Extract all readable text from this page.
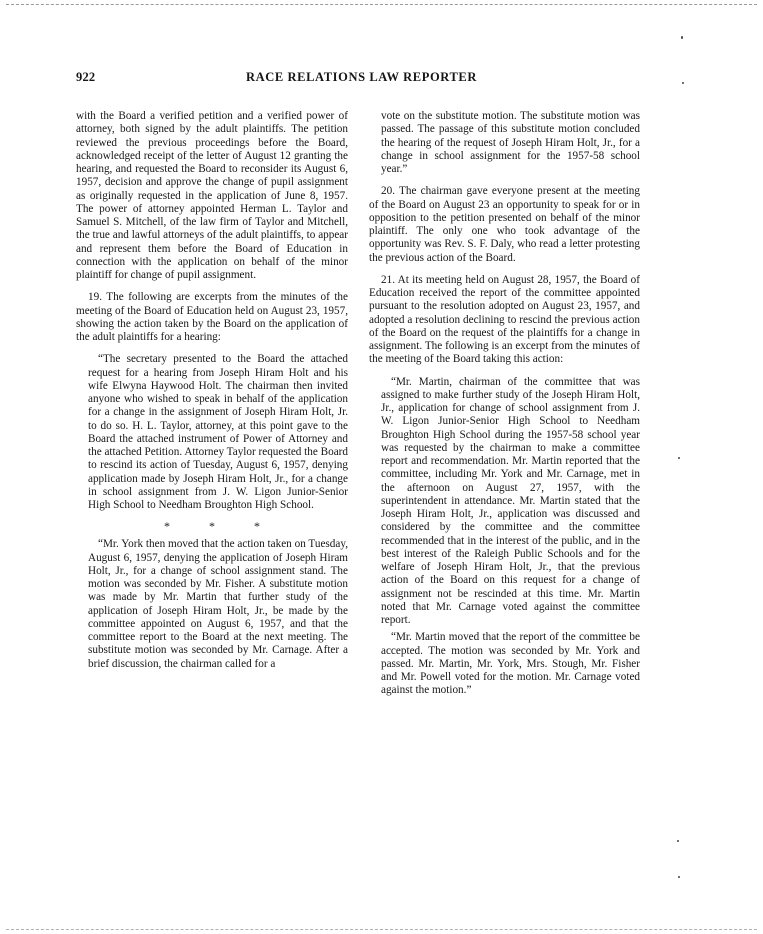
922	RACE RELATIONS LAW REPORTER

with the Board a verified petition and a verified power of attorney, both signed by the adult plaintiffs. The petition reviewed the previous proceedings before the Board, acknowledged receipt of the letter of August 12 granting the hearing, and requested the Board to reconsider its August 6, 1957, decision and approve the change of pupil assignment as originally requested in the application of June 8, 1957. The power of attorney appointed Herman L. Taylor and Samuel S. Mitchell, of the law firm of Taylor and Mitchell, the true and lawful attorneys of the adult plaintiffs, to appear and represent them before the Board of Education in connection with the application on behalf of the minor plaintiff for change of pupil assignment.

19. The following are excerpts from the minutes of the meeting of the Board of Education held on August 23, 1957, showing the action taken by the Board on the application of the adult plaintiffs for a hearing:

“The secretary presented to the Board the attached request for a hearing from Joseph Hiram Holt and his wife Elwyna Haywood Holt. The chairman then invited anyone who wished to speak in behalf of the application for a change in the assignment of Joseph Hiram Holt, Jr. to do so. H. L. Taylor, attorney, at this point gave to the Board the attached instrument of Power of Attorney and the attached Petition. Attorney Taylor requested the Board to rescind its action of Tuesday, August 6, 1957, denying application made by Joseph Hiram Holt, Jr., for a change in school assignment from J. W. Ligon Junior-Senior High School to Needham Broughton High School.

* * *

“Mr. York then moved that the action taken on Tuesday, August 6, 1957, denying the application of Joseph Hiram Holt, Jr., for a change of school assignment stand. The motion was seconded by Mr. Fisher. A substitute motion was made by Mr. Martin that further study of the application of Joseph Hiram Holt, Jr., be made by the committee appointed on August 6, 1957, and that the committee report to the Board at the next meeting. The substitute motion was seconded by Mr. Carnage. After a brief discussion, the chairman called for a

vote on the substitute motion. The substitute motion was passed. The passage of this substitute motion concluded the hearing of the request of Joseph Hiram Holt, Jr., for a change in school assignment for the 1957-58 school year.”

20. The chairman gave everyone present at the meeting of the Board on August 23 an opportunity to speak for or in opposition to the petition presented on behalf of the minor plaintiff. The only one who took advantage of the opportunity was Rev. S. F. Daly, who read a letter protesting the previous action of the Board.

21. At its meeting held on August 28, 1957, the Board of Education received the report of the committee appointed pursuant to the resolution adopted on August 23, 1957, and adopted a resolution declining to rescind the previous action of the Board on the request of the plaintiffs for a change in assignment. The following is an excerpt from the minutes of the meeting of the Board taking this action:

“Mr. Martin, chairman of the committee that was assigned to make further study of the Joseph Hiram Holt, Jr., application for change of school assignment from J. W. Ligon Junior-Senior High School to Needham Broughton High School during the 1957-58 school year was requested by the chairman to make a committee report and recommendation. Mr. Martin reported that the committee, including Mr. York and Mr. Carnage, met in the afternoon on August 27, 1957, with the superintendent in attendance. Mr. Martin stated that the Joseph Hiram Holt, Jr., application was discussed and considered by the committee and the committee recommended that in the interest of the public, and in the best interest of the Raleigh Public Schools and for the welfare of Joseph Hiram Holt, Jr., that the previous action of the Board on this request for a change of assignment not be rescinded at this time. Mr. Martin noted that Mr. Carnage voted against the committee report.

“Mr. Martin moved that the report of the committee be accepted. The motion was seconded by Mr. York and passed. Mr. Martin, Mr. York, Mrs. Stough, Mr. Fisher and Mr. Powell voted for the motion. Mr. Carnage voted against the motion.”
